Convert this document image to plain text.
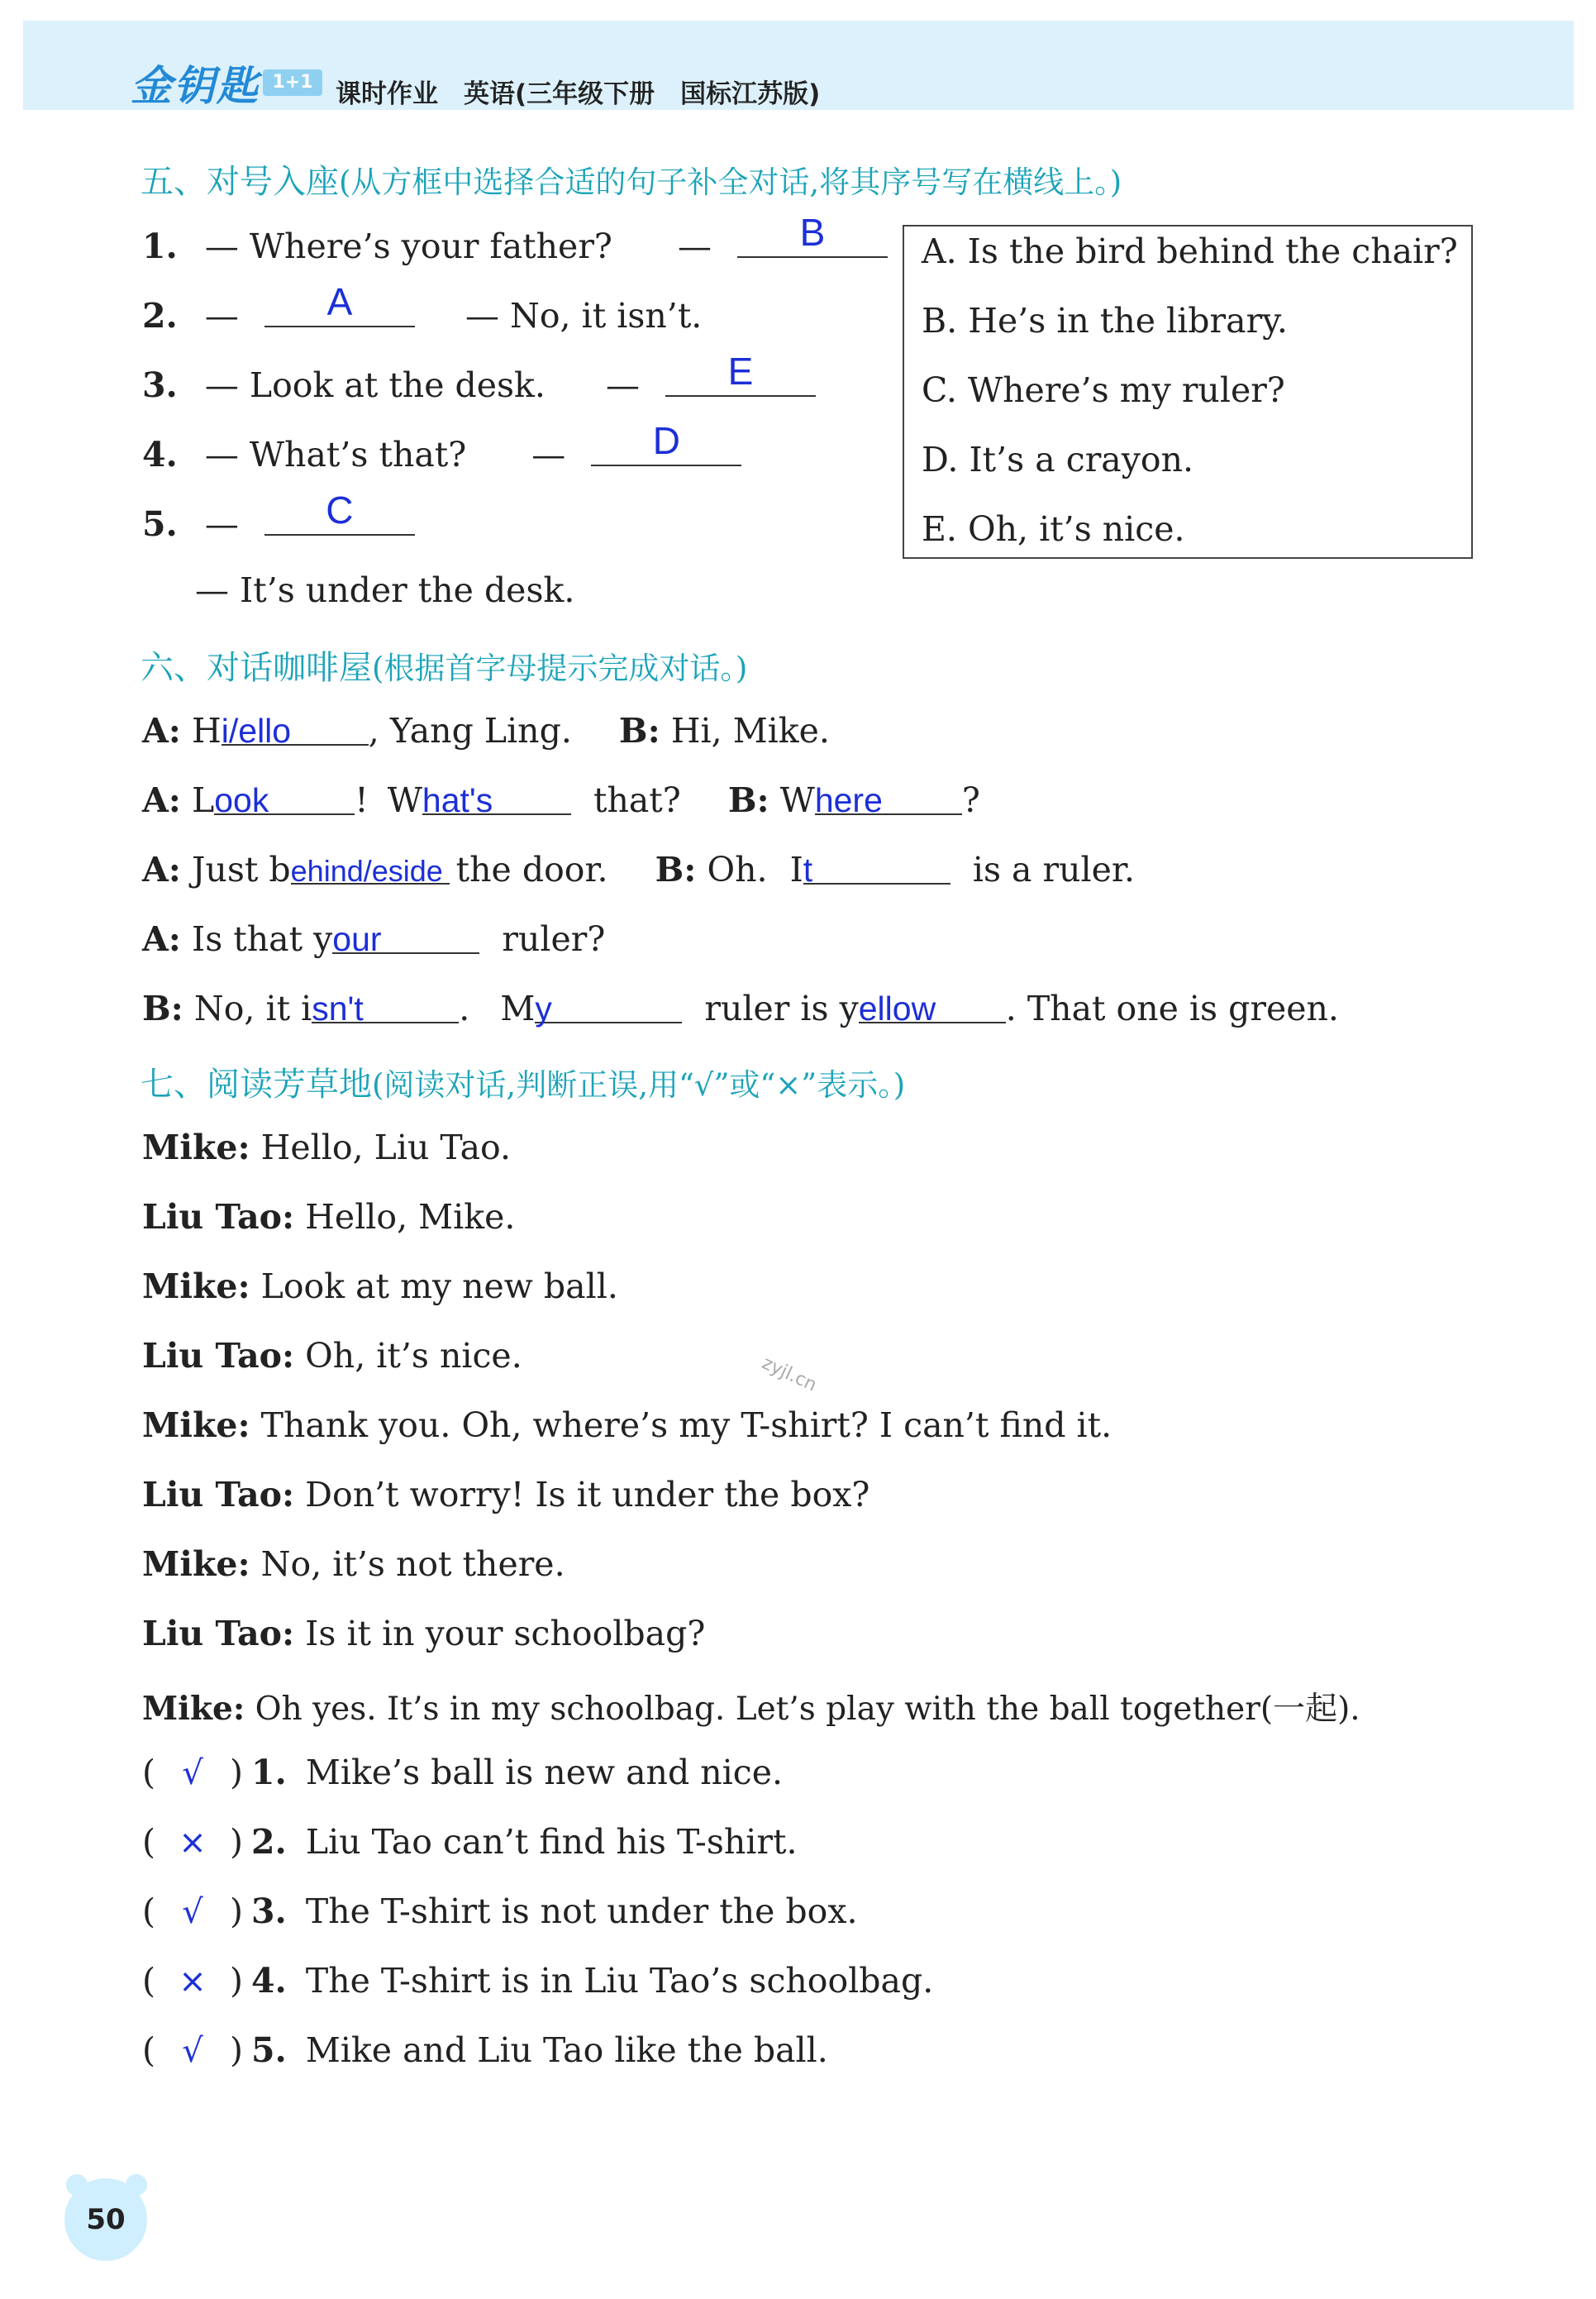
金钥匙 1+1 课时作业　英语(三年级下册　国标江苏版)
五、对号入座(从方框中选择合适的句子补全对话,将其序号写在横线上。)
1. — Where’s your father? —	B
2. —	A	— No, it isn’t.
3. — Look at the desk. —	E
4. — What’s that? —	D
5. —	C
— It’s under the desk.
A. Is the bird behind the chair?
B. He’s in the library.
C. Where’s my ruler?
D. It’s a crayon.
E. Oh, it’s nice.
六、对话咖啡屋(根据首字母提示完成对话。)
A: Hi/ello , Yang Ling. B: Hi, Mike.
A: Look	! What's	that? B: Where ?
A: Just behind/eside the door. B: Oh. It	is a ruler.
A: Is that your	ruler?
B: No, it isn't	. My	ruler is yellow . That one is green.
七、阅读芳草地(阅读对话,判断正误,用“√”或“×”表示。)
Mike: Hello, Liu Tao.
Liu Tao: Hello, Mike.
Mike: Look at my new ball.
Liu Tao: Oh, it’s nice.
Mike: Thank you. Oh, where’s my T-shirt? I can’t find it.
Liu Tao: Don’t worry! Is it under the box?
Mike: No, it’s not there.
Liu Tao: Is it in your schoolbag?
Mike: Oh yes. It’s in my schoolbag. Let’s play with the ball together(一起).
( √ ) 1. Mike’s ball is new and nice.
( × ) 2. Liu Tao can’t find his T-shirt.
( √ ) 3. The T-shirt is not under the box.
( × ) 4. The T-shirt is in Liu Tao’s schoolbag.
( √ ) 5. Mike and Liu Tao like the ball.
zyjl.cn
50
